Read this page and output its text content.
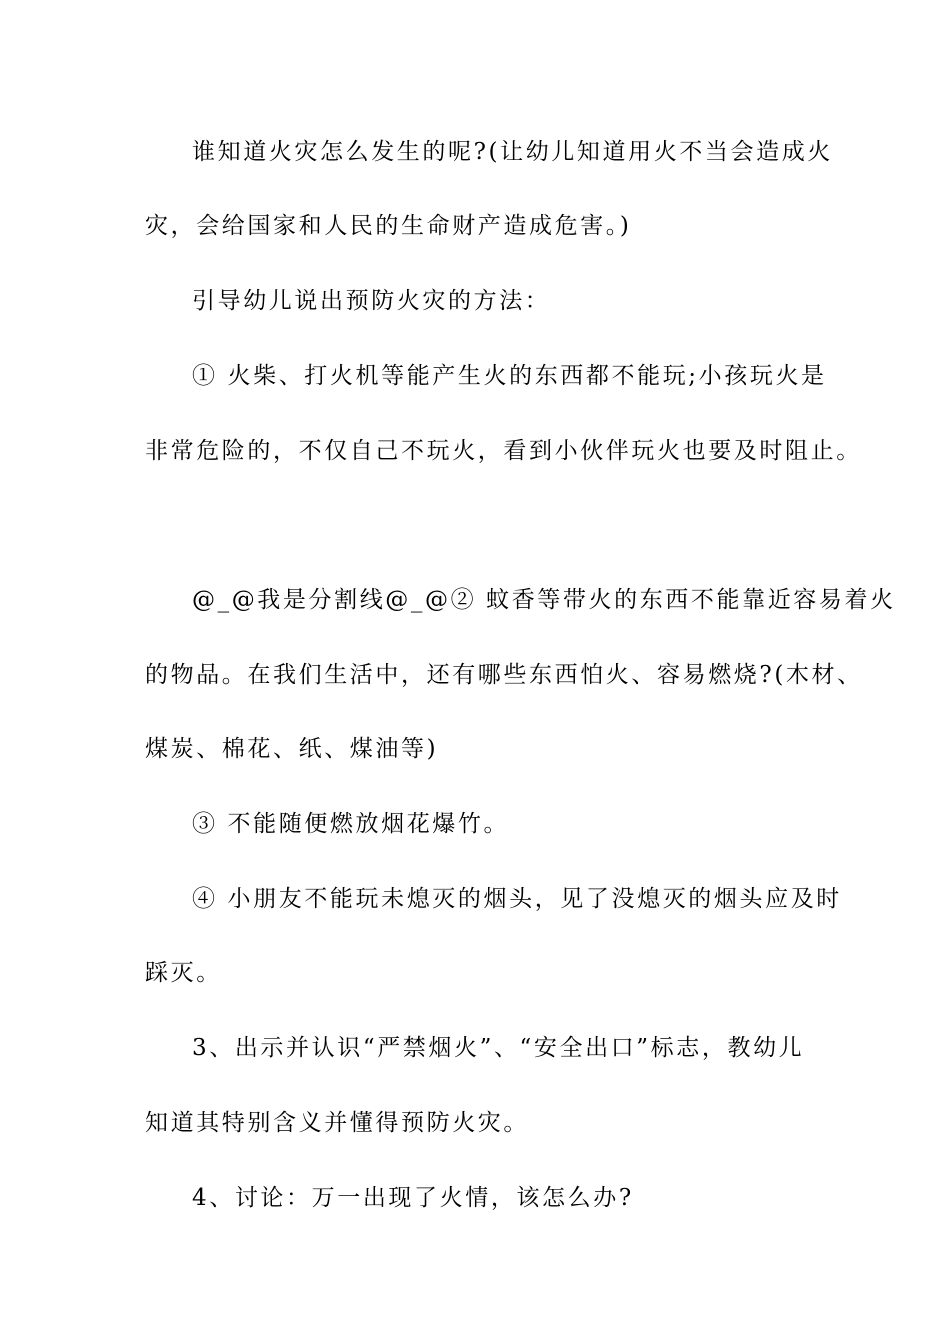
谁知道火灾怎么发生的呢?(让幼儿知道用火不当会造成火
灾，会给国家和人民的生命财产造成危害。)
引导幼儿说出预防火灾的方法：
① 火柴、打火机等能产生火的东西都不能玩;小孩玩火是
非常危险的，不仅自己不玩火，看到小伙伴玩火也要及时阻止。
@_@我是分割线@_@② 蚊香等带火的东西不能靠近容易着火
的物品。在我们生活中，还有哪些东西怕火、容易燃烧?(木材、
煤炭、棉花、纸、煤油等)
③ 不能随便燃放烟花爆竹。
④ 小朋友不能玩未熄灭的烟头，见了没熄灭的烟头应及时
踩灭。
3、出示并认识“严禁烟火”、“安全出口”标志，教幼儿
知道其特别含义并懂得预防火灾。
4、讨论：万一出现了火情，该怎么办?
